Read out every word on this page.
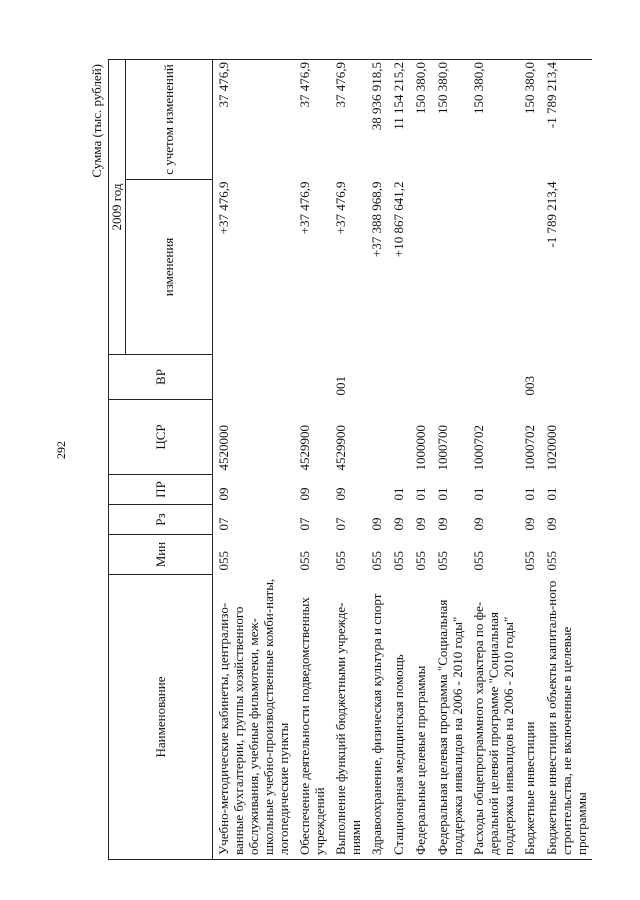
292
Сумма (тыс. рублей)
Наименование	Мин	Рз	ПР	ЦСР	ВР	2009 год	
						изменения	с учетом изменений
Учебно-методические кабинеты, централизо-ванные бухгалтерии, группы хозяйственного обслуживания, учебные фильмотеки, меж-школьные учебно-производственные комби-наты, логопедические пункты	055	07	09	4520000		+37 476,9	37 476,9
Обеспечение деятельности подведомственных учреждений	055	07	09	4529900		+37 476,9	37 476,9
Выполнение функций бюджетными учрежде-ниями	055	07	09	4529900	001	+37 476,9	37 476,9
Здравоохранение, физическая культура и спорт	055	09				+37 388 968,9	38 936 918,5
Стационарная медицинская помощь	055	09	01			+10 867 641,2	11 154 215,2
Федеральные целевые программы	055	09	01	1000000			150 380,0
Федеральная целевая программа "Социальная поддержка инвалидов на 2006 - 2010 годы"	055	09	01	1000700			150 380,0
Расходы общепрограммного характера по фе-деральной целевой программе "Социальная поддержка инвалидов на 2006 - 2010 годы"	055	09	01	1000702			150 380,0
Бюджетные инвестиции	055	09	01	1000702	003		150 380,0
Бюджетные инвестиции в объекты капиталь-ного строительства, не включенные в целевые программы	055	09	01	1020000		-1 789 213,4	-1 789 213,4
